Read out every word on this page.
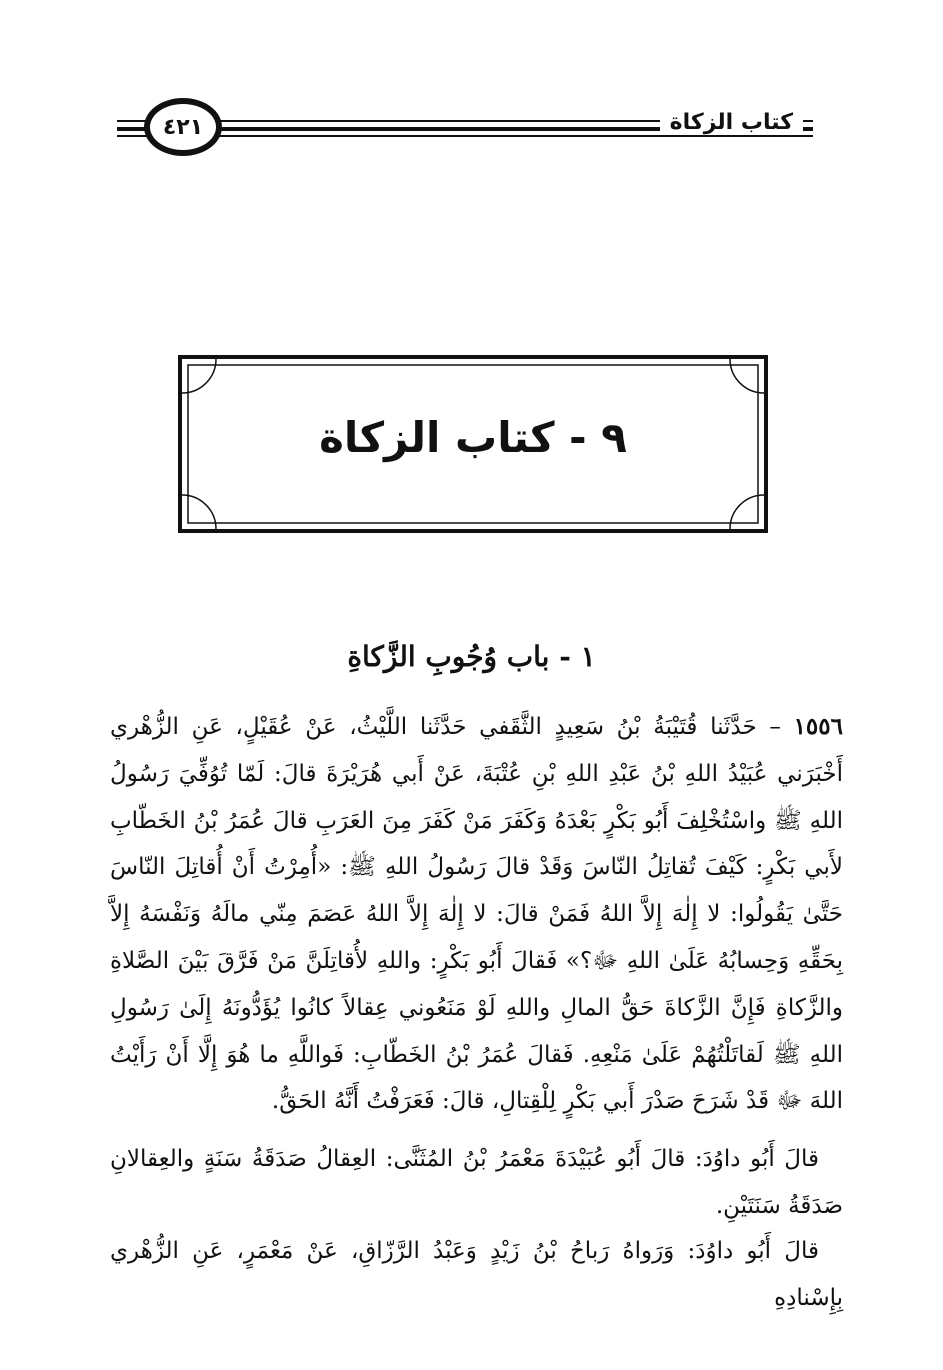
كتاب الزكاة
٤٢١
٩ - كتاب الزكاة
١ - باب وُجُوبِ الزَّكاةِ
١٥٥٦ – حَدَّثَنا قُتَيْبَةُ بْنُ سَعِيدٍ الثَّقَفي حَدَّثَنا اللَّيْثُ، عَنْ عُقَيْلٍ، عَنِ الزُّهْري أَخْبَرَني عُبَيْدُ اللهِ بْنُ عَبْدِ اللهِ بْنِ عُتْبَةَ، عَنْ أَبي هُرَيْرَةَ قالَ: لَمّا تُوُفِّيَ رَسُولُ اللهِ ﷺ واسْتُخْلِفَ أَبُو بَكْرٍ بَعْدَهُ وَكَفَرَ مَنْ كَفَرَ مِنَ العَرَبِ قالَ عُمَرُ بْنُ الخَطّابِ لأَبي بَكْرٍ: كَيْفَ تُقاتِلُ النّاسَ وَقَدْ قالَ رَسُولُ اللهِ ﷺ: «أُمِرْتُ أَنْ أُقاتِلَ النّاسَ حَتَّىٰ يَقُولُوا: لا إِلٰهَ إِلاَّ اللهُ فَمَنْ قالَ: لا إِلٰهَ إِلاَّ اللهُ عَصَمَ مِنّي مالَهُ وَنَفْسَهُ إِلاَّ بِحَقِّهِ وَحِسابُهُ عَلَىٰ اللهِ ﷻ؟» فَقالَ أَبُو بَكْرٍ: واللهِ لأُقاتِلَنَّ مَنْ فَرَّقَ بَيْنَ الصَّلاةِ والزَّكاةِ فَإِنَّ الزَّكاةَ حَقُّ المالِ واللهِ لَوْ مَنَعُوني عِقالاً كانُوا يُؤَدُّونَهُ إِلَىٰ رَسُولِ اللهِ ﷺ لَقاتَلْتُهُمْ عَلَىٰ مَنْعِهِ. فَقالَ عُمَرُ بْنُ الخَطّابِ: فَواللَّهِ ما هُوَ إِلَّا أَنْ رَأَيْتُ اللهَ ﷻ قَدْ شَرَحَ صَدْرَ أَبي بَكْرٍ لِلْقِتالِ، قالَ: فَعَرَفْتُ أَنَّهُ الحَقُّ.
قالَ أَبُو داوُدَ: قالَ أَبُو عُبَيْدَةَ مَعْمَرُ بْنُ المُثَنَّى: العِقالُ صَدَقَةُ سَنَةٍ والعِقالانِ صَدَقَةُ سَنَتَيْنِ.
قالَ أَبُو داوُدَ: وَرَواهُ رَباحُ بْنُ زَيْدٍ وَعَبْدُ الرَّزّاقِ، عَنْ مَعْمَرٍ، عَنِ الزُّهْري بِإِسْنادِهِ
